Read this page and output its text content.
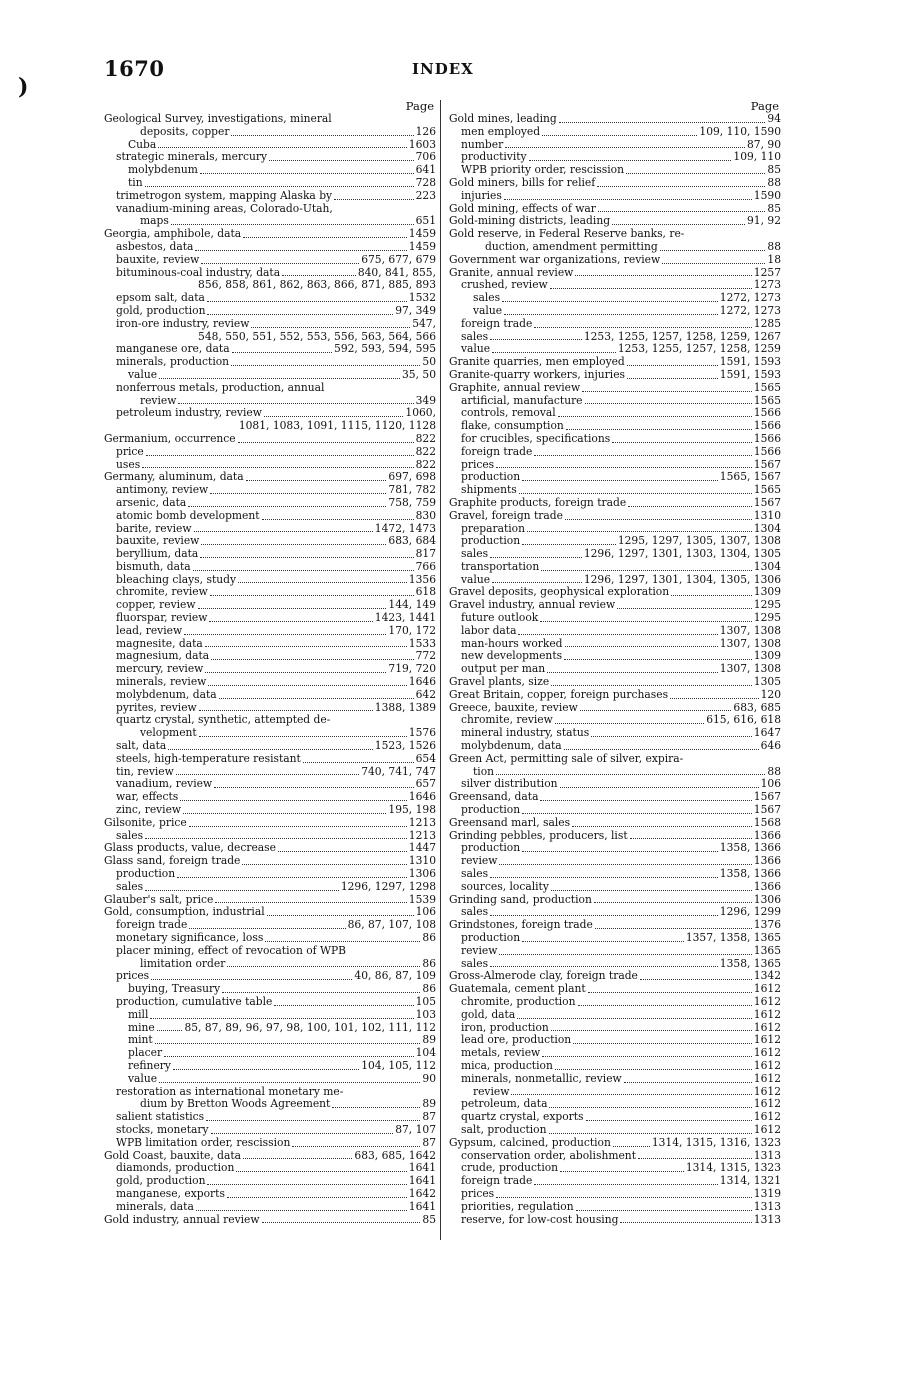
1670	INDEX
)
Page
Geological Survey, investigations, mineral
deposits, copper	126
Cuba	1603
strategic minerals, mercury	706
molybdenum	641
tin	728
trimetrogon system, mapping Alaska by	223
vanadium-mining areas, Colorado-Utah,
maps	651
Georgia, amphibole, data	1459
asbestos, data	1459
bauxite, review	675, 677, 679
bituminous-coal industry, data	840, 841, 855,
856, 858, 861, 862, 863, 866, 871, 885, 893
epsom salt, data	1532
gold, production	97, 349
iron-ore industry, review	547,
548, 550, 551, 552, 553, 556, 563, 564, 566
manganese ore, data	592, 593, 594, 595
minerals, production	50
value	35, 50
nonferrous metals, production, annual
review	349
petroleum industry, review	1060,
1081, 1083, 1091, 1115, 1120, 1128
Germanium, occurrence	822
price	822
uses	822
Germany, aluminum, data	697, 698
antimony, review	781, 782
arsenic, data	758, 759
atomic bomb development	830
barite, review	1472, 1473
bauxite, review	683, 684
beryllium, data	817
bismuth, data	766
bleaching clays, study	1356
chromite, review	618
copper, review	144, 149
fluorspar, review	1423, 1441
lead, review	170, 172
magnesite, data	1533
magnesium, data	772
mercury, review	719, 720
minerals, review	1646
molybdenum, data	642
pyrites, review	1388, 1389
quartz crystal, synthetic, attempted de-
velopment	1576
salt, data	1523, 1526
steels, high-temperature resistant	654
tin, review	740, 741, 747
vanadium, review	657
war, effects	1646
zinc, review	195, 198
Gilsonite, price	1213
sales	1213
Glass products, value, decrease	1447
Glass sand, foreign trade	1310
production	1306
sales	1296, 1297, 1298
Glauber's salt, price	1539
Gold, consumption, industrial	106
foreign trade	86, 87, 107, 108
monetary significance, loss	86
placer mining, effect of revocation of WPB
limitation order	86
prices	40, 86, 87, 109
buying, Treasury	86
production, cumulative table	105
mill	103
mine	85, 87, 89, 96, 97, 98, 100, 101, 102, 111, 112
mint	89
placer	104
refinery	104, 105, 112
value	90
restoration as international monetary me-
dium by Bretton Woods Agreement	89
salient statistics	87
stocks, monetary	87, 107
WPB limitation order, rescission	87
Gold Coast, bauxite, data	683, 685, 1642
diamonds, production	1641
gold, production	1641
manganese, exports	1642
minerals, data	1641
Gold industry, annual review	85
Page
Gold mines, leading	94
men employed	109, 110, 1590
number	87, 90
productivity	109, 110
WPB priority order, rescission	85
Gold miners, bills for relief	88
injuries	1590
Gold mining, effects of war	85
Gold-mining districts, leading	91, 92
Gold reserve, in Federal Reserve banks, re-
duction, amendment permitting	88
Government war organizations, review	18
Granite, annual review	1257
crushed, review	1273
sales	1272, 1273
value	1272, 1273
foreign trade	1285
sales	1253, 1255, 1257, 1258, 1259, 1267
value	1253, 1255, 1257, 1258, 1259
Granite quarries, men employed	1591, 1593
Granite-quarry workers, injuries	1591, 1593
Graphite, annual review	1565
artificial, manufacture	1565
controls, removal	1566
flake, consumption	1566
for crucibles, specifications	1566
foreign trade	1566
prices	1567
production	1565, 1567
shipments	1565
Graphite products, foreign trade	1567
Gravel, foreign trade	1310
preparation	1304
production	1295, 1297, 1305, 1307, 1308
sales	1296, 1297, 1301, 1303, 1304, 1305
transportation	1304
value	1296, 1297, 1301, 1304, 1305, 1306
Gravel deposits, geophysical exploration	1309
Gravel industry, annual review	1295
future outlook	1295
labor data	1307, 1308
man-hours worked	1307, 1308
new developments	1309
output per man	1307, 1308
Gravel plants, size	1305
Great Britain, copper, foreign purchases	120
Greece, bauxite, review	683, 685
chromite, review	615, 616, 618
mineral industry, status	1647
molybdenum, data	646
Green Act, permitting sale of silver, expira-
tion	88
silver distribution	106
Greensand, data	1567
production	1567
Greensand marl, sales	1568
Grinding pebbles, producers, list	1366
production	1358, 1366
review	1366
sales	1358, 1366
sources, locality	1366
Grinding sand, production	1306
sales	1296, 1299
Grindstones, foreign trade	1376
production	1357, 1358, 1365
review	1365
sales	1358, 1365
Gross-Almerode clay, foreign trade	1342
Guatemala, cement plant	1612
chromite, production	1612
gold, data	1612
iron, production	1612
lead ore, production	1612
metals, review	1612
mica, production	1612
minerals, nonmetallic, review	1612
review	1612
petroleum, data	1612
quartz crystal, exports	1612
salt, production	1612
Gypsum, calcined, production	1314, 1315, 1316, 1323
conservation order, abolishment	1313
crude, production	1314, 1315, 1323
foreign trade	1314, 1321
prices	1319
priorities, regulation	1313
reserve, for low-cost housing	1313
